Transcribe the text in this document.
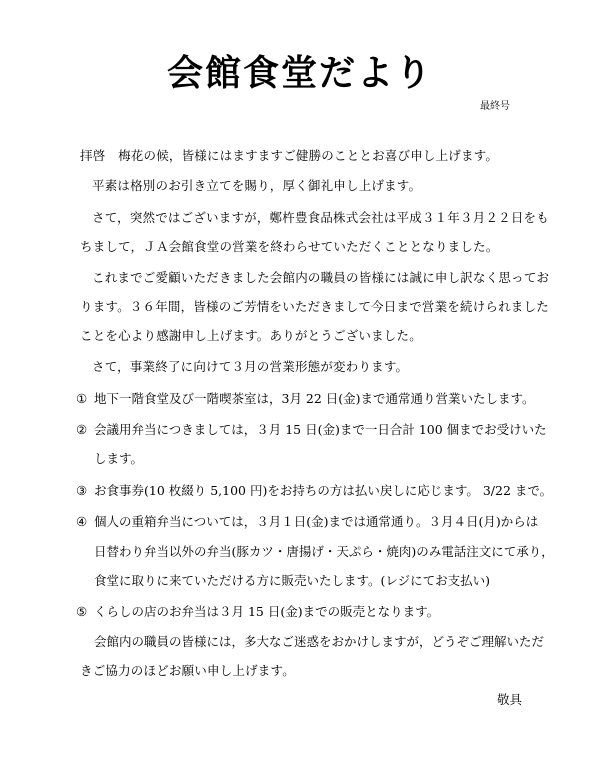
会館食堂だより
最終号
拝啓　梅花の候，皆様にはますますご健勝のこととお喜び申し上げます。
平素は格別のお引き立てを賜り，厚く御礼申し上げます。
さて，突然ではございますが，鄭杵豊食品株式会社は平成３１年３月２２日をも
ちまして，ＪＡ会館食堂の営業を終わらせていただくこととなりました。
これまでご愛顧いただきました会館内の職員の皆様には誠に申し訳なく思ってお
ります。３６年間，皆様のご芳情をいただきまして今日まで営業を続けられました
ことを心より感謝申し上げます。ありがとうございました。
さて，事業終了に向けて３月の営業形態が変わります。
① 地下一階食堂及び一階喫茶室は，3月 22 日(金)まで通常通り営業いたします。
② 会議用弁当につきましては，３月 15 日(金)まで一日合計 100 個までお受けいた
します。
③ お食事券(10 枚綴り 5,100 円)をお持ちの方は払い戻しに応じます。 3/22 まで。
④ 個人の重箱弁当については，３月１日(金)までは通常通り。３月４日(月)からは
日替わり弁当以外の弁当(豚カツ・唐揚げ・天ぷら・焼肉)のみ電話注文にて承り，
食堂に取りに来ていただける方に販売いたします。(レジにてお支払い)
⑤ くらしの店のお弁当は３月 15 日(金)までの販売となります。
会館内の職員の皆様には，多大なご迷惑をおかけしますが，どうぞご理解いただ
きご協力のほどお願い申し上げます。
敬具
